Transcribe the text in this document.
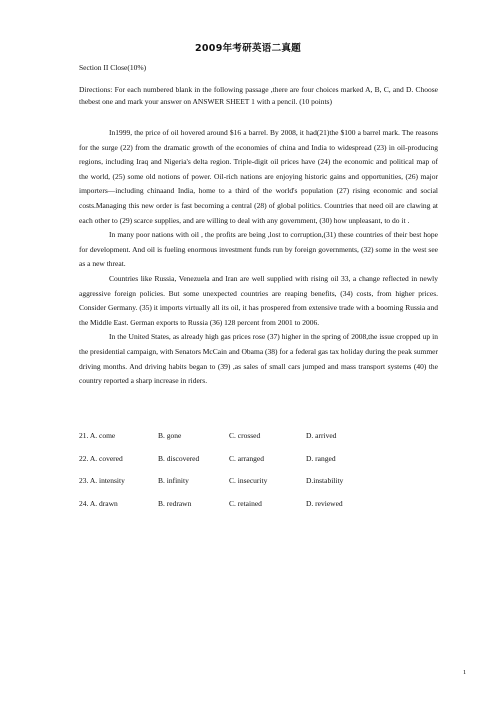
2009年考研英语二真题
Section II Close(10%)
Directions: For each numbered blank in the following passage ,there are four choices marked A, B, C, and D. Choose thebest one and mark your answer on ANSWER SHEET 1 with a pencil. (10 points)

In1999, the price of oil hovered around $16 a barrel. By 2008, it had(21)the $100 a barrel mark. The reasons for the surge (22) from the dramatic growth of the economies of china and India to widespread (23) in oil-producing regions, including Iraq and Nigeria's delta region. Triple-digit oil prices have (24) the economic and political map of the world, (25) some old notions of power. Oil-rich nations are enjoying historic gains and opportunities, (26) major importers—including chinaand India, home to a third of the world's population (27) rising economic and social costs.Managing this new order is fast becoming a central (28) of global politics. Countries that need oil are clawing at each other to (29) scarce supplies, and are willing to deal with any government, (30) how unpleasant, to do it .

In many poor nations with oil , the profits are being ,lost to corruption,(31) these countries of their best hope for development. And oil is fueling enormous investment funds run by foreign governments, (32) some in the west see as a new threat.

Countries like Russia, Venezuela and Iran are well supplied with rising oil 33, a change reflected in newly aggressive foreign policies. But some unexpected countries are reaping benefits, (34) costs, from higher prices. Consider Germany. (35) it imports virtually all its oil, it has prospered from extensive trade with a booming Russia and the Middle East. German exports to Russia (36) 128 percent from 2001 to 2006.

In the United States, as already high gas prices rose (37) higher in the spring of 2008,the issue cropped up in the presidential campaign, with Senators McCain and Obama (38) for a federal gas tax holiday during the peak summer driving months. And driving habits began to (39) ,as sales of small cars jumped and mass transport systems (40) the country reported a sharp increase in riders.

21. A. come	B. gone	C. crossed	D. arrived
22. A. covered	B. discovered	C. arranged	D. ranged
23. A. intensity	B. infinity	C. insecurity	D.instability
24. A. drawn	B. redrawn	C. retained	D. reviewed
1
